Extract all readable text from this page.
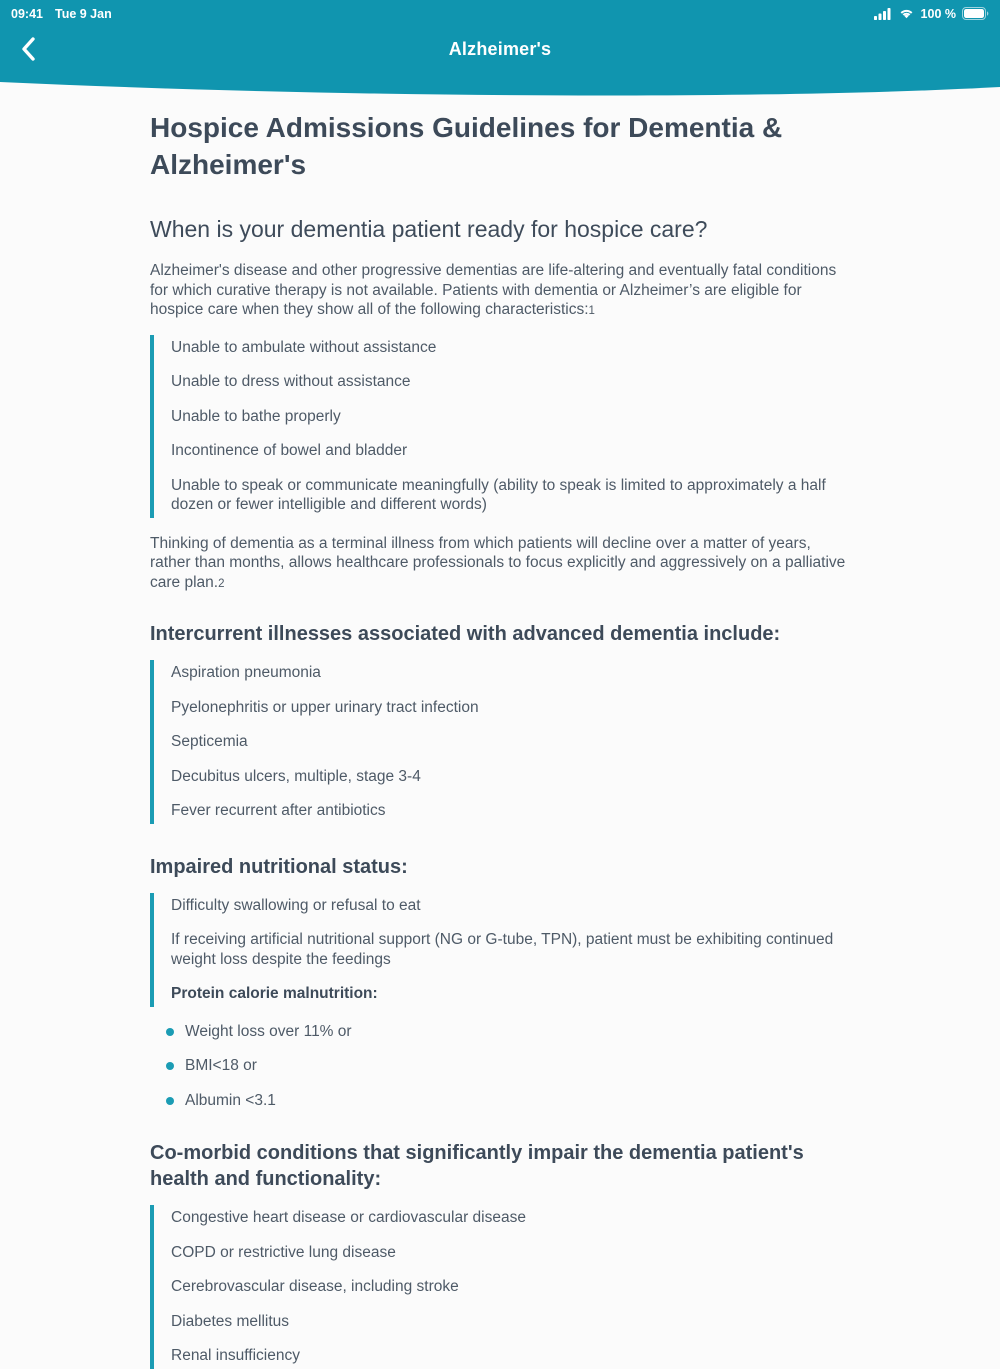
09:41 Tue 9 Jan	100 %
Alzheimer's
Hospice Admissions Guidelines for Dementia & Alzheimer's
When is your dementia patient ready for hospice care?

Alzheimer's disease and other progressive dementias are life-altering and eventually fatal conditions for which curative therapy is not available. Patients with dementia or Alzheimer’s are eligible for hospice care when they show all of the following characteristics:1

Unable to ambulate without assistance
Unable to dress without assistance
Unable to bathe properly
Incontinence of bowel and bladder
Unable to speak or communicate meaningfully (ability to speak is limited to approximately a half dozen or fewer intelligible and different words)

Thinking of dementia as a terminal illness from which patients will decline over a matter of years, rather than months, allows healthcare professionals to focus explicitly and aggressively on a palliative care plan.2

Intercurrent illnesses associated with advanced dementia include:
Aspiration pneumonia
Pyelonephritis or upper urinary tract infection
Septicemia
Decubitus ulcers, multiple, stage 3-4
Fever recurrent after antibiotics
Impaired nutritional status:
Difficulty swallowing or refusal to eat
If receiving artificial nutritional support (NG or G-tube, TPN), patient must be exhibiting continued weight loss despite the feedings
Protein calorie malnutrition:
Weight loss over 11% or
BMI<18 or
Albumin <3.1
Co-morbid conditions that significantly impair the dementia patient's health and functionality:
Congestive heart disease or cardiovascular disease
COPD or restrictive lung disease
Cerebrovascular disease, including stroke
Diabetes mellitus
Renal insufficiency
